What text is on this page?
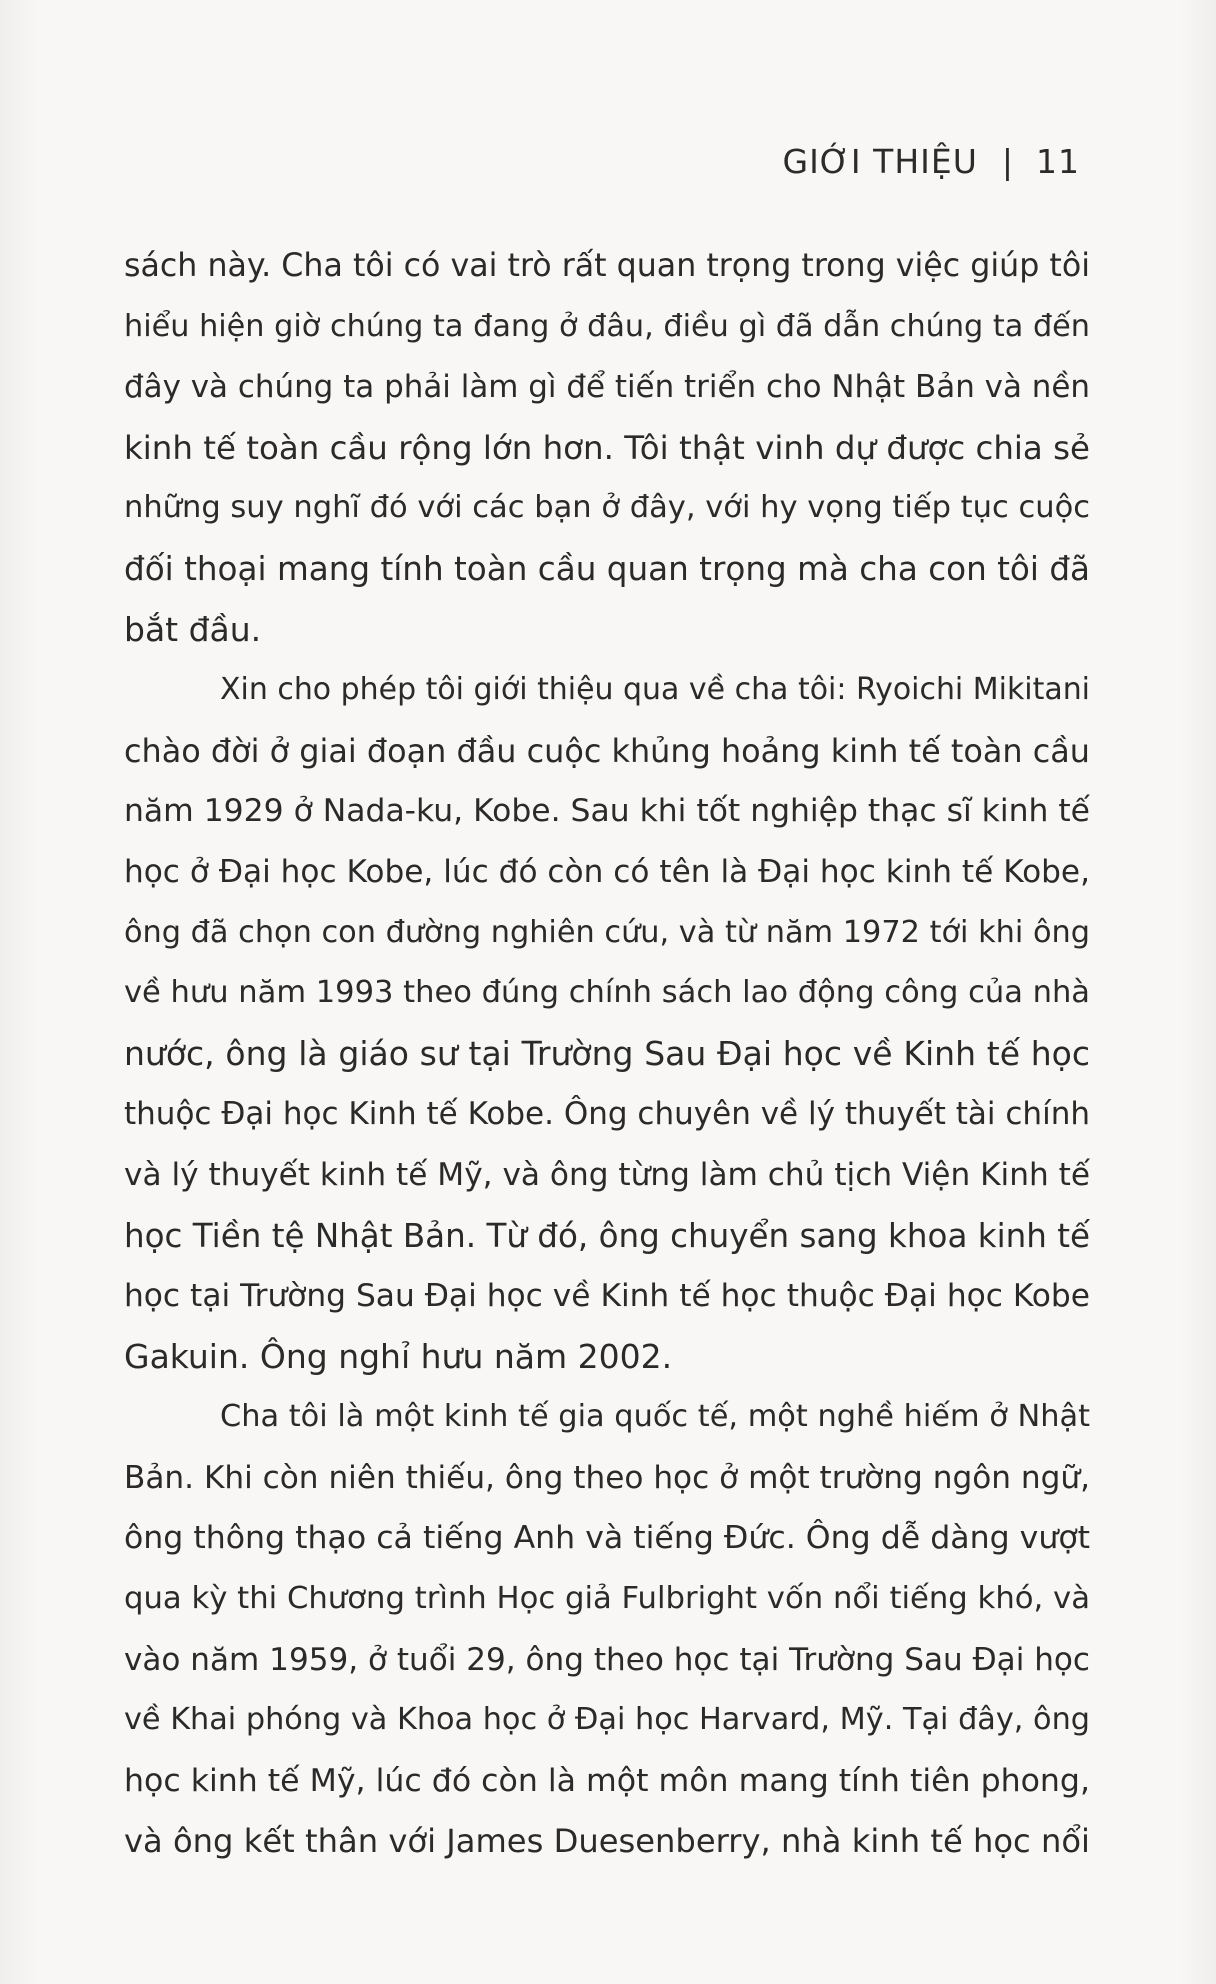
GIỚI THIỆU | 11

sách này. Cha tôi có vai trò rất quan trọng trong việc giúp tôi
hiểu hiện giờ chúng ta đang ở đâu, điều gì đã dẫn chúng ta đến
đây và chúng ta phải làm gì để tiến triển cho Nhật Bản và nền
kinh tế toàn cầu rộng lớn hơn. Tôi thật vinh dự được chia sẻ
những suy nghĩ đó với các bạn ở đây, với hy vọng tiếp tục cuộc
đối thoại mang tính toàn cầu quan trọng mà cha con tôi đã
bắt đầu.

Xin cho phép tôi giới thiệu qua về cha tôi: Ryoichi Mikitani
chào đời ở giai đoạn đầu cuộc khủng hoảng kinh tế toàn cầu
năm 1929 ở Nada-ku, Kobe. Sau khi tốt nghiệp thạc sĩ kinh tế
học ở Đại học Kobe, lúc đó còn có tên là Đại học kinh tế Kobe,
ông đã chọn con đường nghiên cứu, và từ năm 1972 tới khi ông
về hưu năm 1993 theo đúng chính sách lao động công của nhà
nước, ông là giáo sư tại Trường Sau Đại học về Kinh tế học
thuộc Đại học Kinh tế Kobe. Ông chuyên về lý thuyết tài chính
và lý thuyết kinh tế Mỹ, và ông từng làm chủ tịch Viện Kinh tế
học Tiền tệ Nhật Bản. Từ đó, ông chuyển sang khoa kinh tế
học tại Trường Sau Đại học về Kinh tế học thuộc Đại học Kobe
Gakuin. Ông nghỉ hưu năm 2002.

Cha tôi là một kinh tế gia quốc tế, một nghề hiếm ở Nhật
Bản. Khi còn niên thiếu, ông theo học ở một trường ngôn ngữ,
ông thông thạo cả tiếng Anh và tiếng Đức. Ông dễ dàng vượt
qua kỳ thi Chương trình Học giả Fulbright vốn nổi tiếng khó, và
vào năm 1959, ở tuổi 29, ông theo học tại Trường Sau Đại học
về Khai phóng và Khoa học ở Đại học Harvard, Mỹ. Tại đây, ông
học kinh tế Mỹ, lúc đó còn là một môn mang tính tiên phong,
và ông kết thân với James Duesenberry, nhà kinh tế học nổi
